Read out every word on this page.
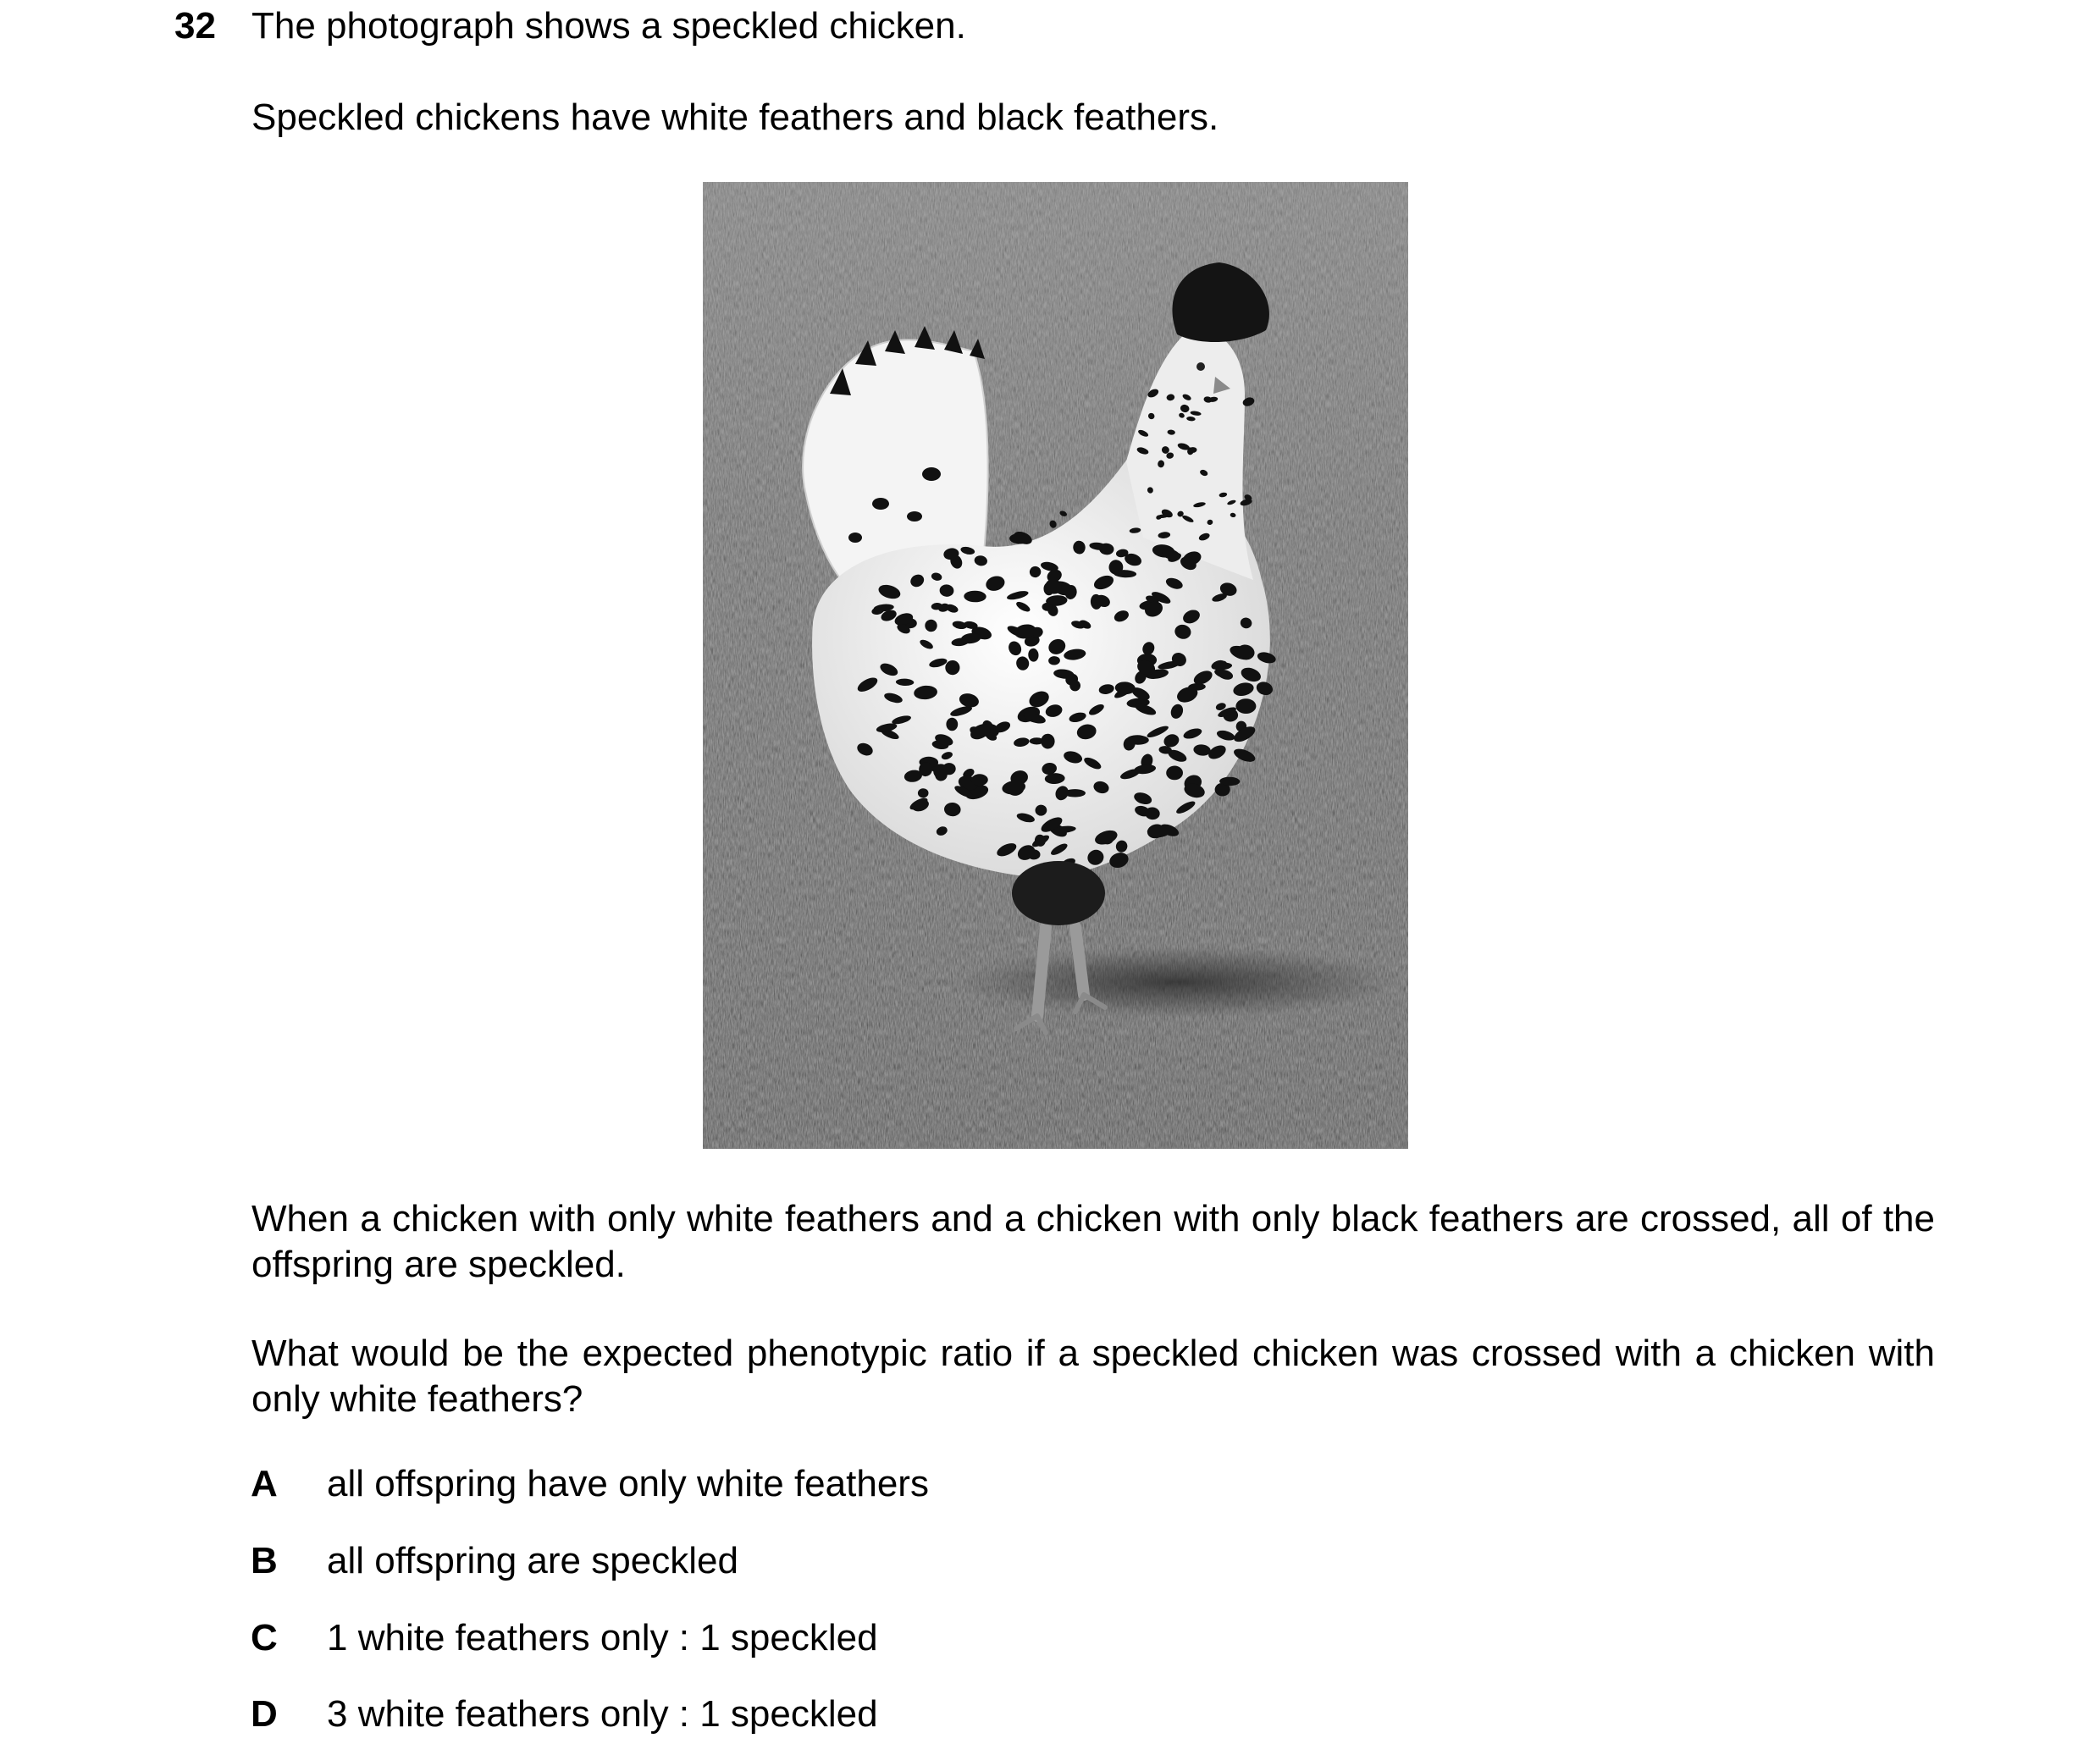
32 The photograph shows a speckled chicken.
Speckled chickens have white feathers and black feathers.
When a chicken with only white feathers and a chicken with only black feathers are crossed, all of the offspring are speckled.
What would be the expected phenotypic ratio if a speckled chicken was crossed with a chicken with only white feathers?
A all offspring have only white feathers
B all offspring are speckled
C 1 white feathers only : 1 speckled
D 3 white feathers only : 1 speckled
